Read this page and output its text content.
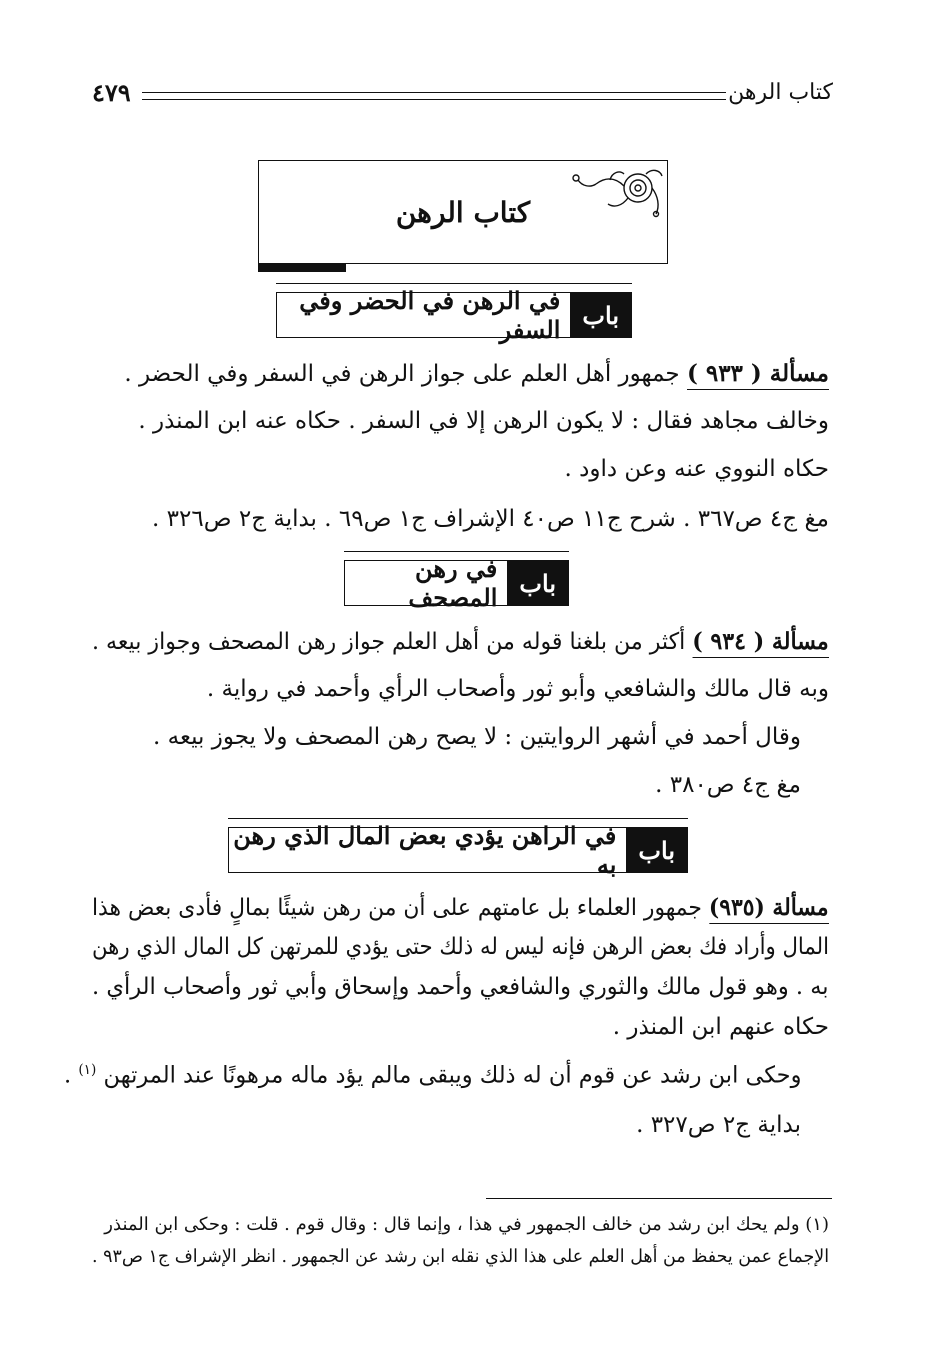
كتاب الرهن
٤٧٩
كتاب الرهن
باب
في الرهن في الحضر وفي السفر
مسألة ( ٩٣٣ ) جمهور أهل العلم على جواز الرهن في السفر وفي الحضر .
وخالف مجاهد فقال : لا يكون الرهن إلا في السفر . حكاه عنه ابن المنذر .
حكاه النووي عنه وعن داود .
مغ ج٤ ص٣٦٧ . شرح ج١١ ص٤٠ الإشراف ج١ ص٦٩ . بداية ج٢ ص٣٢٦ .
باب
في رهن المصحف
مسألة ( ٩٣٤ ) أكثر من بلغنا قوله من أهل العلم جواز رهن المصحف وجواز بيعه .
وبه قال مالك والشافعي وأبو ثور وأصحاب الرأي وأحمد في رواية .
وقال أحمد في أشهر الروايتين : لا يصح رهن المصحف ولا يجوز بيعه .
مغ ج٤ ص٣٨٠ .
باب
في الراهن يؤدي بعض المال الذي رهن به
مسألة (٩٣٥) جمهور العلماء بل عامتهم على أن من رهن شيئًا بمالٍ فأدى بعض هذا
المال وأراد فك بعض الرهن فإنه ليس له ذلك حتى يؤدي للمرتهن كل المال الذي رهن
به . وهو قول مالك والثوري والشافعي وأحمد وإسحاق وأبي ثور وأصحاب الرأي .
حكاه عنهم ابن المنذر .
وحكى ابن رشد عن قوم أن له ذلك ويبقى مالم يؤد ماله مرهونًا عند المرتهن $^{(١)}$ .
بداية ج٢ ص٣٢٧ .
(١) ولم يحك ابن رشد من خالف الجمهور في هذا ، وإنما قال : وقال قوم . قلت : وحكى ابن المنذر
الإجماع عمن يحفظ من أهل العلم على هذا الذي نقله ابن رشد عن الجمهور . انظر الإشراف ج١ ص٩٣ .
